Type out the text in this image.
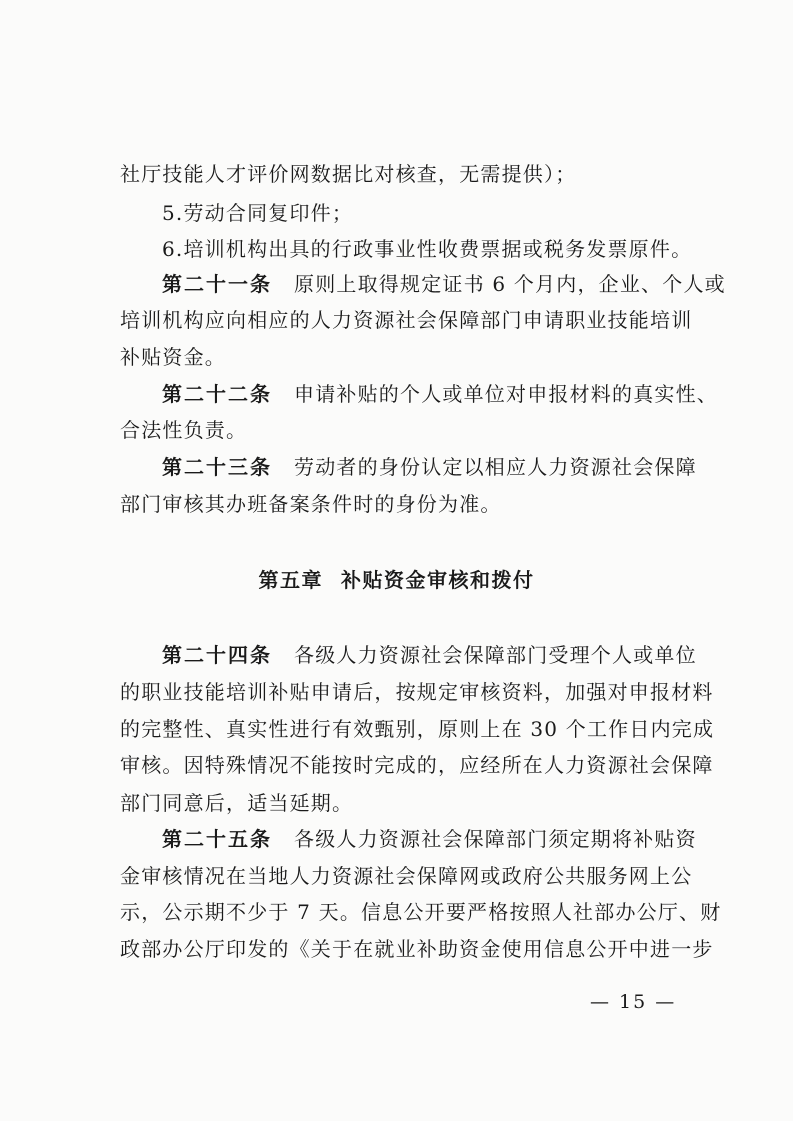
社厅技能人才评价网数据比对核查，无需提供）；
5.劳动合同复印件；
6.培训机构出具的行政事业性收费票据或税务发票原件。
第二十一条 原则上取得规定证书 6 个月内，企业、个人或
培训机构应向相应的人力资源社会保障部门申请职业技能培训
补贴资金。
第二十二条 申请补贴的个人或单位对申报材料的真实性、
合法性负责。
第二十三条 劳动者的身份认定以相应人力资源社会保障
部门审核其办班备案条件时的身份为准。
第五章 补贴资金审核和拨付
第二十四条 各级人力资源社会保障部门受理个人或单位
的职业技能培训补贴申请后，按规定审核资料，加强对申报材料
的完整性、真实性进行有效甄别，原则上在 30 个工作日内完成
审核。因特殊情况不能按时完成的，应经所在人力资源社会保障
部门同意后，适当延期。
第二十五条 各级人力资源社会保障部门须定期将补贴资
金审核情况在当地人力资源社会保障网或政府公共服务网上公
示，公示期不少于 7 天。信息公开要严格按照人社部办公厅、财
政部办公厅印发的《关于在就业补助资金使用信息公开中进一步
— 15 —
